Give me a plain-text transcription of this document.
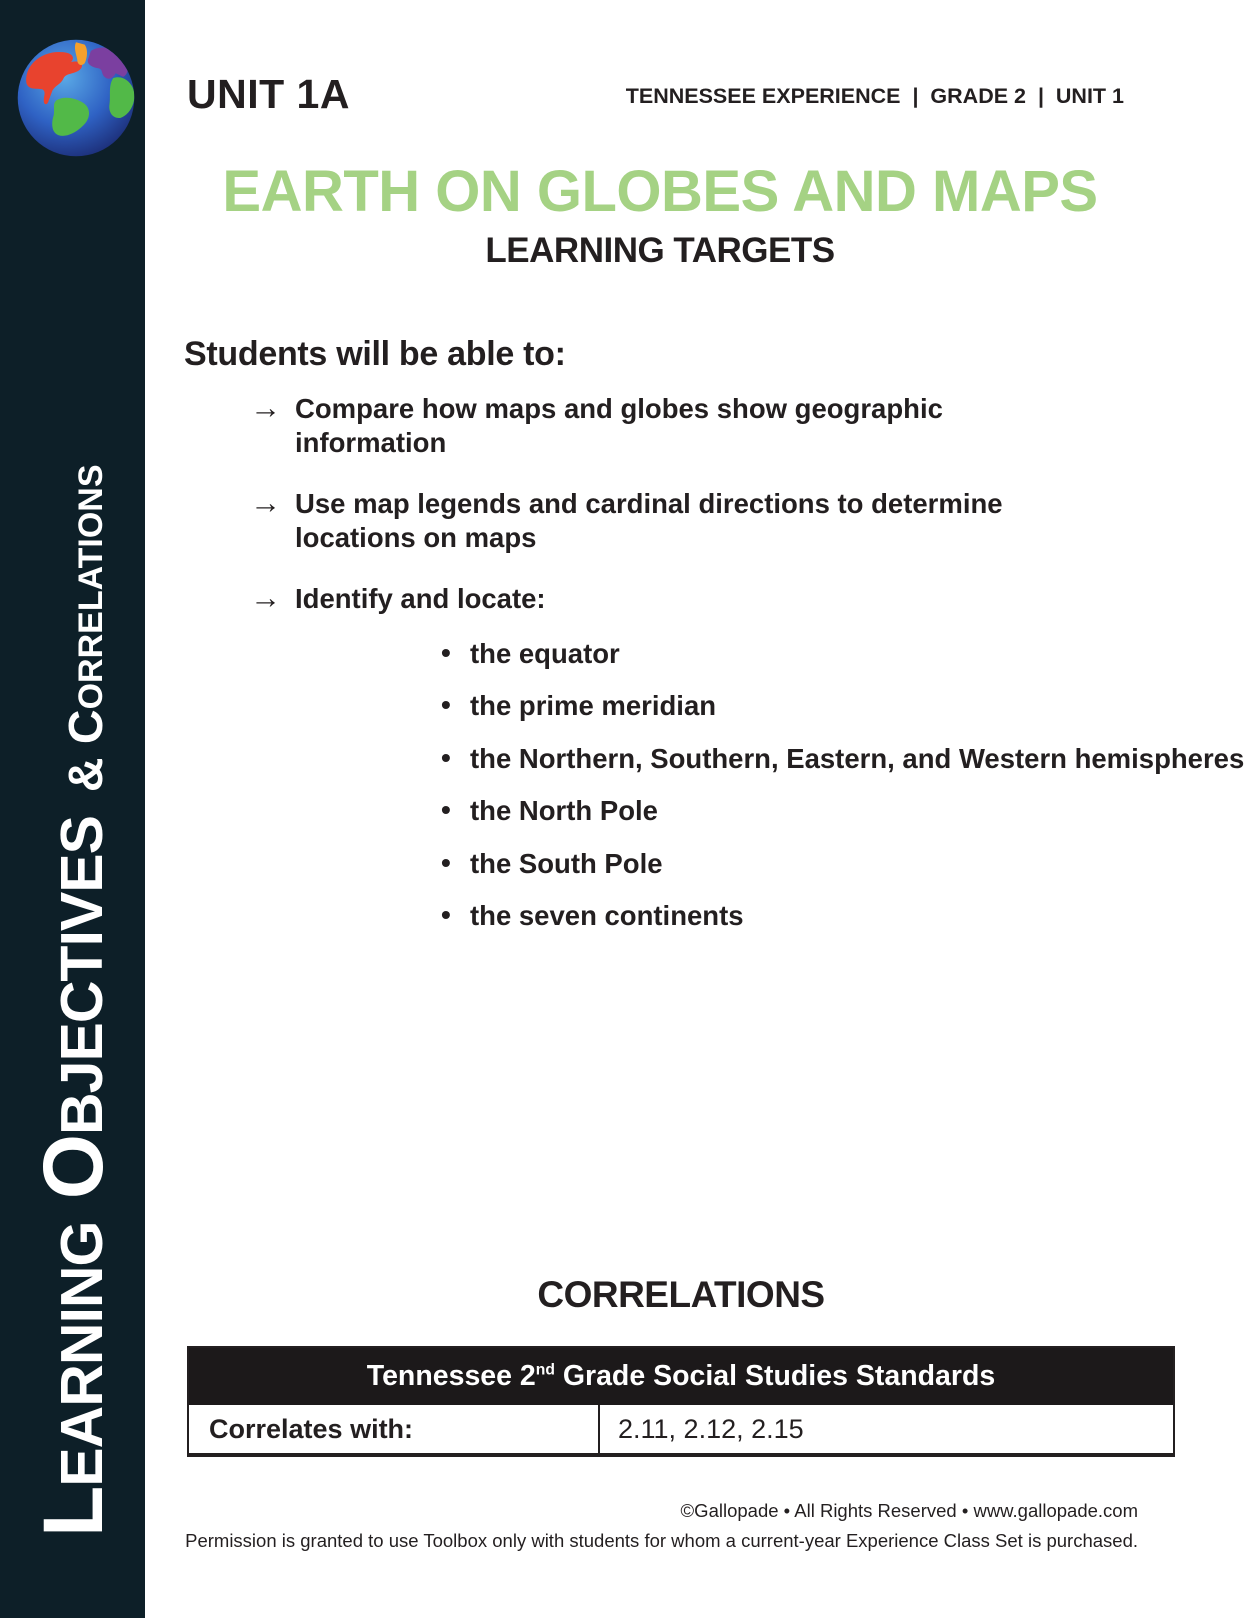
Learning Objectives
& Correlations
UNIT 1A	TENNESSEE EXPERIENCE  |  GRADE 2  |  UNIT 1
EARTH ON GLOBES AND MAPS
LEARNING TARGETS
Students will be able to:
→ Compare how maps and globes show geographic
information
→ Use map legends and cardinal directions to determine
locations on maps
→ Identify and locate:
• the equator
• the prime meridian
• the Northern, Southern, Eastern, and Western hemispheres
• the North Pole
• the South Pole
• the seven continents
CORRELATIONS
Tennessee 2nd Grade Social Studies Standards
Correlates with:	2.11, 2.12, 2.15
©Gallopade • All Rights Reserved • www.gallopade.com
Permission is granted to use Toolbox only with students for whom a current-year Experience Class Set is purchased.
